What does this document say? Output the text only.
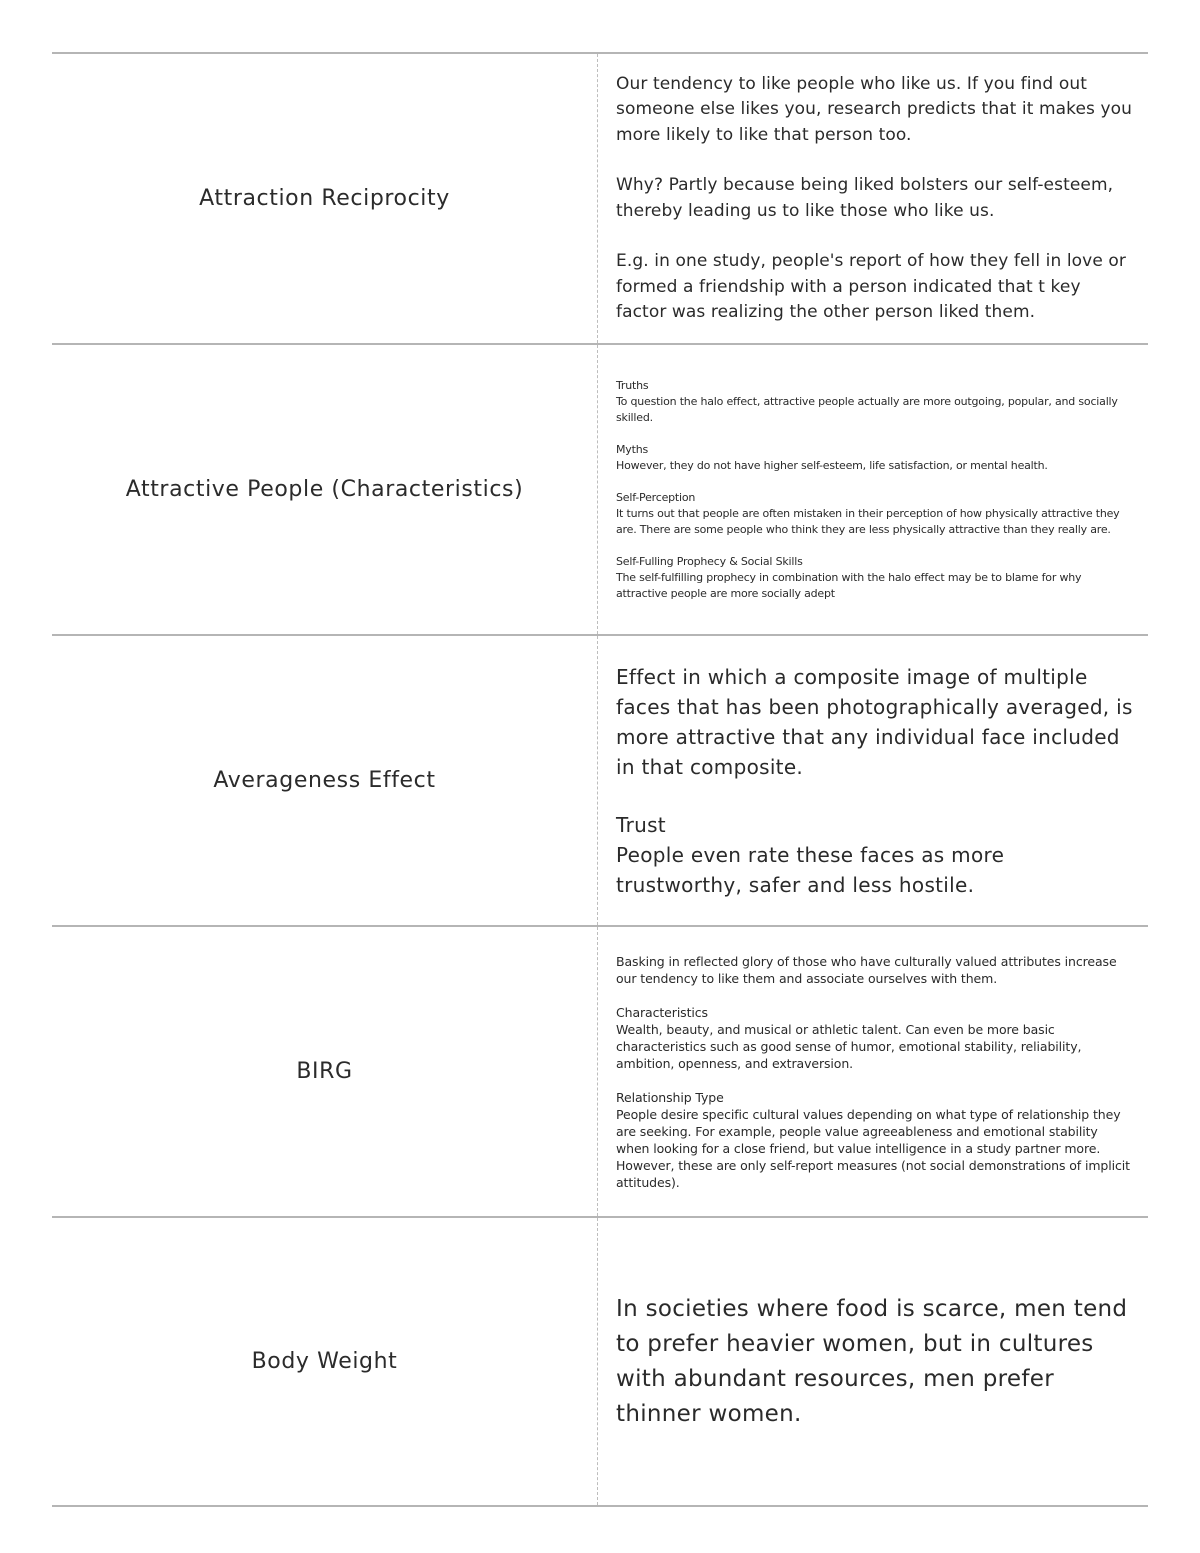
Attraction Reciprocity

Our tendency to like people who like us. If you find out someone else likes you, research predicts that it makes you more likely to like that person too.

Why? Partly because being liked bolsters our self-esteem, thereby leading us to like those who like us.

E.g. in one study, people's report of how they fell in love or formed a friendship with a person indicated that t key factor was realizing the other person liked them.

Attractive People (Characteristics)

Truths
To question the halo effect, attractive people actually are more outgoing, popular, and socially skilled.

Myths
However, they do not have higher self-esteem, life satisfaction, or mental health.

Self-Perception
It turns out that people are often mistaken in their perception of how physically attractive they are. There are some people who think they are less physically attractive than they really are.

Self-Fulling Prophecy & Social Skills
The self-fulfilling prophecy in combination with the halo effect may be to blame for why attractive people are more socially adept

Averageness Effect

Effect in which a composite image of multiple faces that has been photographically averaged, is more attractive that any individual face included in that composite.

Trust
People even rate these faces as more trustworthy, safer and less hostile.

BIRG

Basking in reflected glory of those who have culturally valued attributes increase our tendency to like them and associate ourselves with them.

Characteristics
Wealth, beauty, and musical or athletic talent. Can even be more basic characteristics such as good sense of humor, emotional stability, reliability, ambition, openness, and extraversion.

Relationship Type
People desire specific cultural values depending on what type of relationship they are seeking. For example, people value agreeableness and emotional stability when looking for a close friend, but value intelligence in a study partner more. However, these are only self-report measures (not social demonstrations of implicit attitudes).

Body Weight

In societies where food is scarce, men tend to prefer heavier women, but in cultures with abundant resources, men prefer thinner women.
